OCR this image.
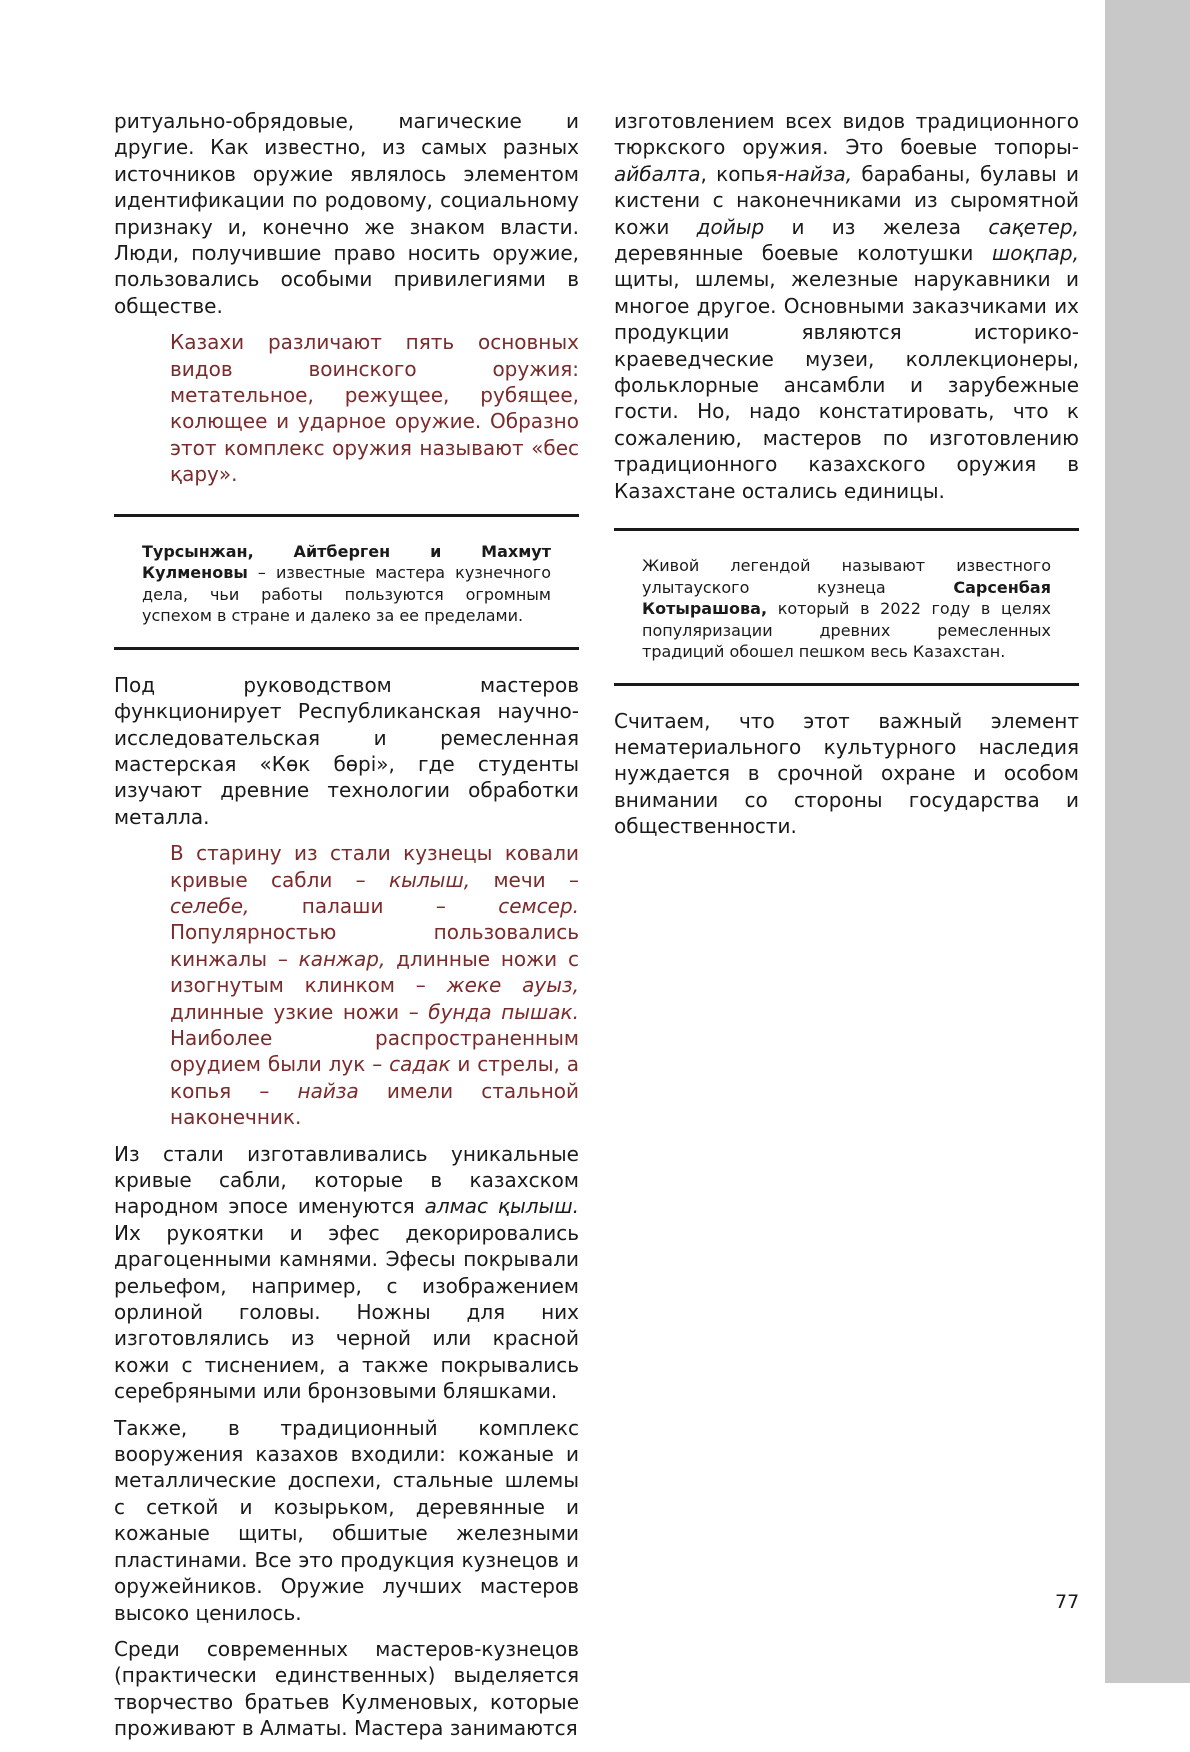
ритуально-обрядовые, магические и другие. Как известно, из самых разных источников оружие являлось элементом идентификации по родовому, социальному признаку и, конечно же знаком власти. Люди, получившие право носить оружие, пользовались особыми привилегиями в обществе.

Казахи различают пять основных видов воинского оружия: метательное, режущее, рубящее, колющее и ударное оружие. Образно этот комплекс оружия называют «бес қару».

Турсынжан, Айтберген и Махмут Кулменовы – известные мастера кузнечного дела, чьи работы пользуются огромным успехом в стране и далеко за ее пределами.

Под руководством мастеров функционирует Республиканская научно-исследовательская и ремесленная мастерская «Көк бөрі», где студенты изучают древние технологии обработки металла.

В старину из стали кузнецы ковали кривые сабли – кылыш, мечи – селебе, палаши – семсер. Популярностью пользовались кинжалы – канжар, длинные ножи с изогнутым клинком – жеке ауыз, длинные узкие ножи – бунда пышак. Наиболее распространенным орудием были лук – садак и стрелы, а копья – найза имели стальной наконечник.

Из стали изготавливались уникальные кривые сабли, которые в казахском народном эпосе именуются алмас қылыш. Их рукоятки и эфес декорировались драгоценными камнями. Эфесы покрывали рельефом, например, с изображением орлиной головы. Ножны для них изготовлялись из черной или красной кожи с тиснением, а также покрывались серебряными или бронзовыми бляшками.

Также, в традиционный комплекс вооружения казахов входили: кожаные и металлические доспехи, стальные шлемы с сеткой и козырьком, деревянные и кожаные щиты, обшитые железными пластинами. Все это продукция кузнецов и оружейников. Оружие лучших мастеров высоко ценилось.

Среди современных мастеров-кузнецов (практически единственных) выделяется творчество братьев Кулменовых, которые проживают в Алматы. Мастера занимаются

изготовлением всех видов традиционного тюркского оружия. Это боевые топоры-айбалта, копья-найза, барабаны, булавы и кистени с наконечниками из сыромятной кожи дойыр и из железа сақетер, деревянные боевые колотушки шоқпар, щиты, шлемы, железные нарукавники и многое другое. Основными заказчиками их продукции являются историко-краеведческие музеи, коллекционеры, фольклорные ансамбли и зарубежные гости. Но, надо констатировать, что к сожалению, мастеров по изготовлению традиционного казахского оружия в Казахстане остались единицы.

Живой легендой называют известного улытауского кузнеца Сарсенбая Котырашова, который в 2022 году в целях популяризации древних ремесленных традиций обошел пешком весь Казахстан.

Считаем, что этот важный элемент нематериального культурного наследия нуждается в срочной охране и особом внимании со стороны государства и общественности.

77
